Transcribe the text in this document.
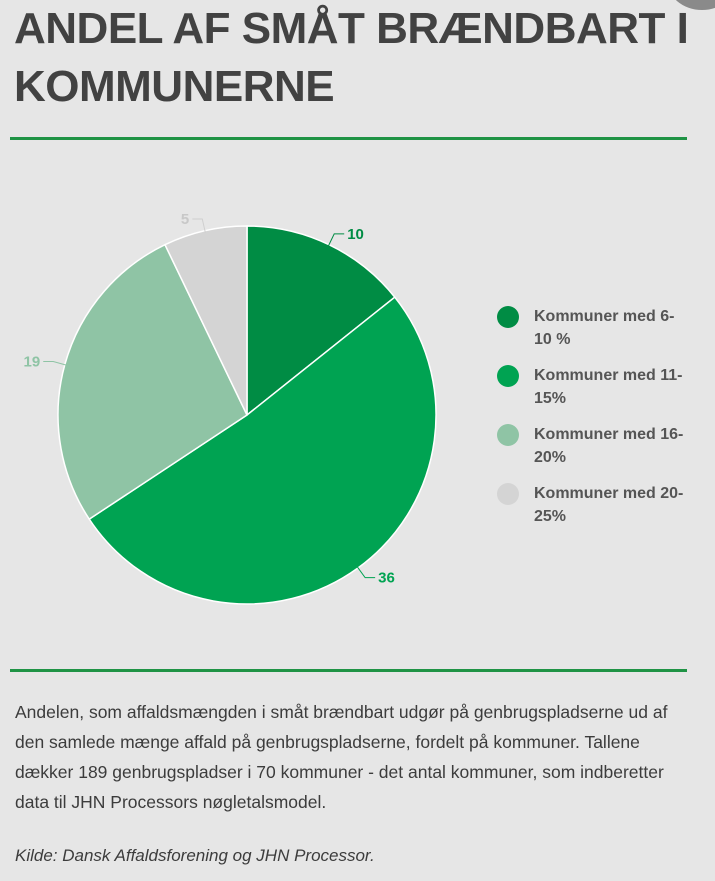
ANDEL AF SMÅT BRÆNDBART I KOMMUNERNE
10
36
19
5
Kommuner med 6-10 %
Kommuner med 11-15%
Kommuner med 16-20%
Kommuner med 20-25%

Andelen, som affaldsmængden i småt brændbart udgør på genbrugspladserne ud af den samlede mænge affald på genbrugspladserne, fordelt på kommuner. Tallene dækker 189 genbrugspladser i 70 kommuner - det antal kommuner, som indberetter data til JHN Processors nøgletalsmodel.

Kilde: Dansk Affaldsforening og JHN Processor.
